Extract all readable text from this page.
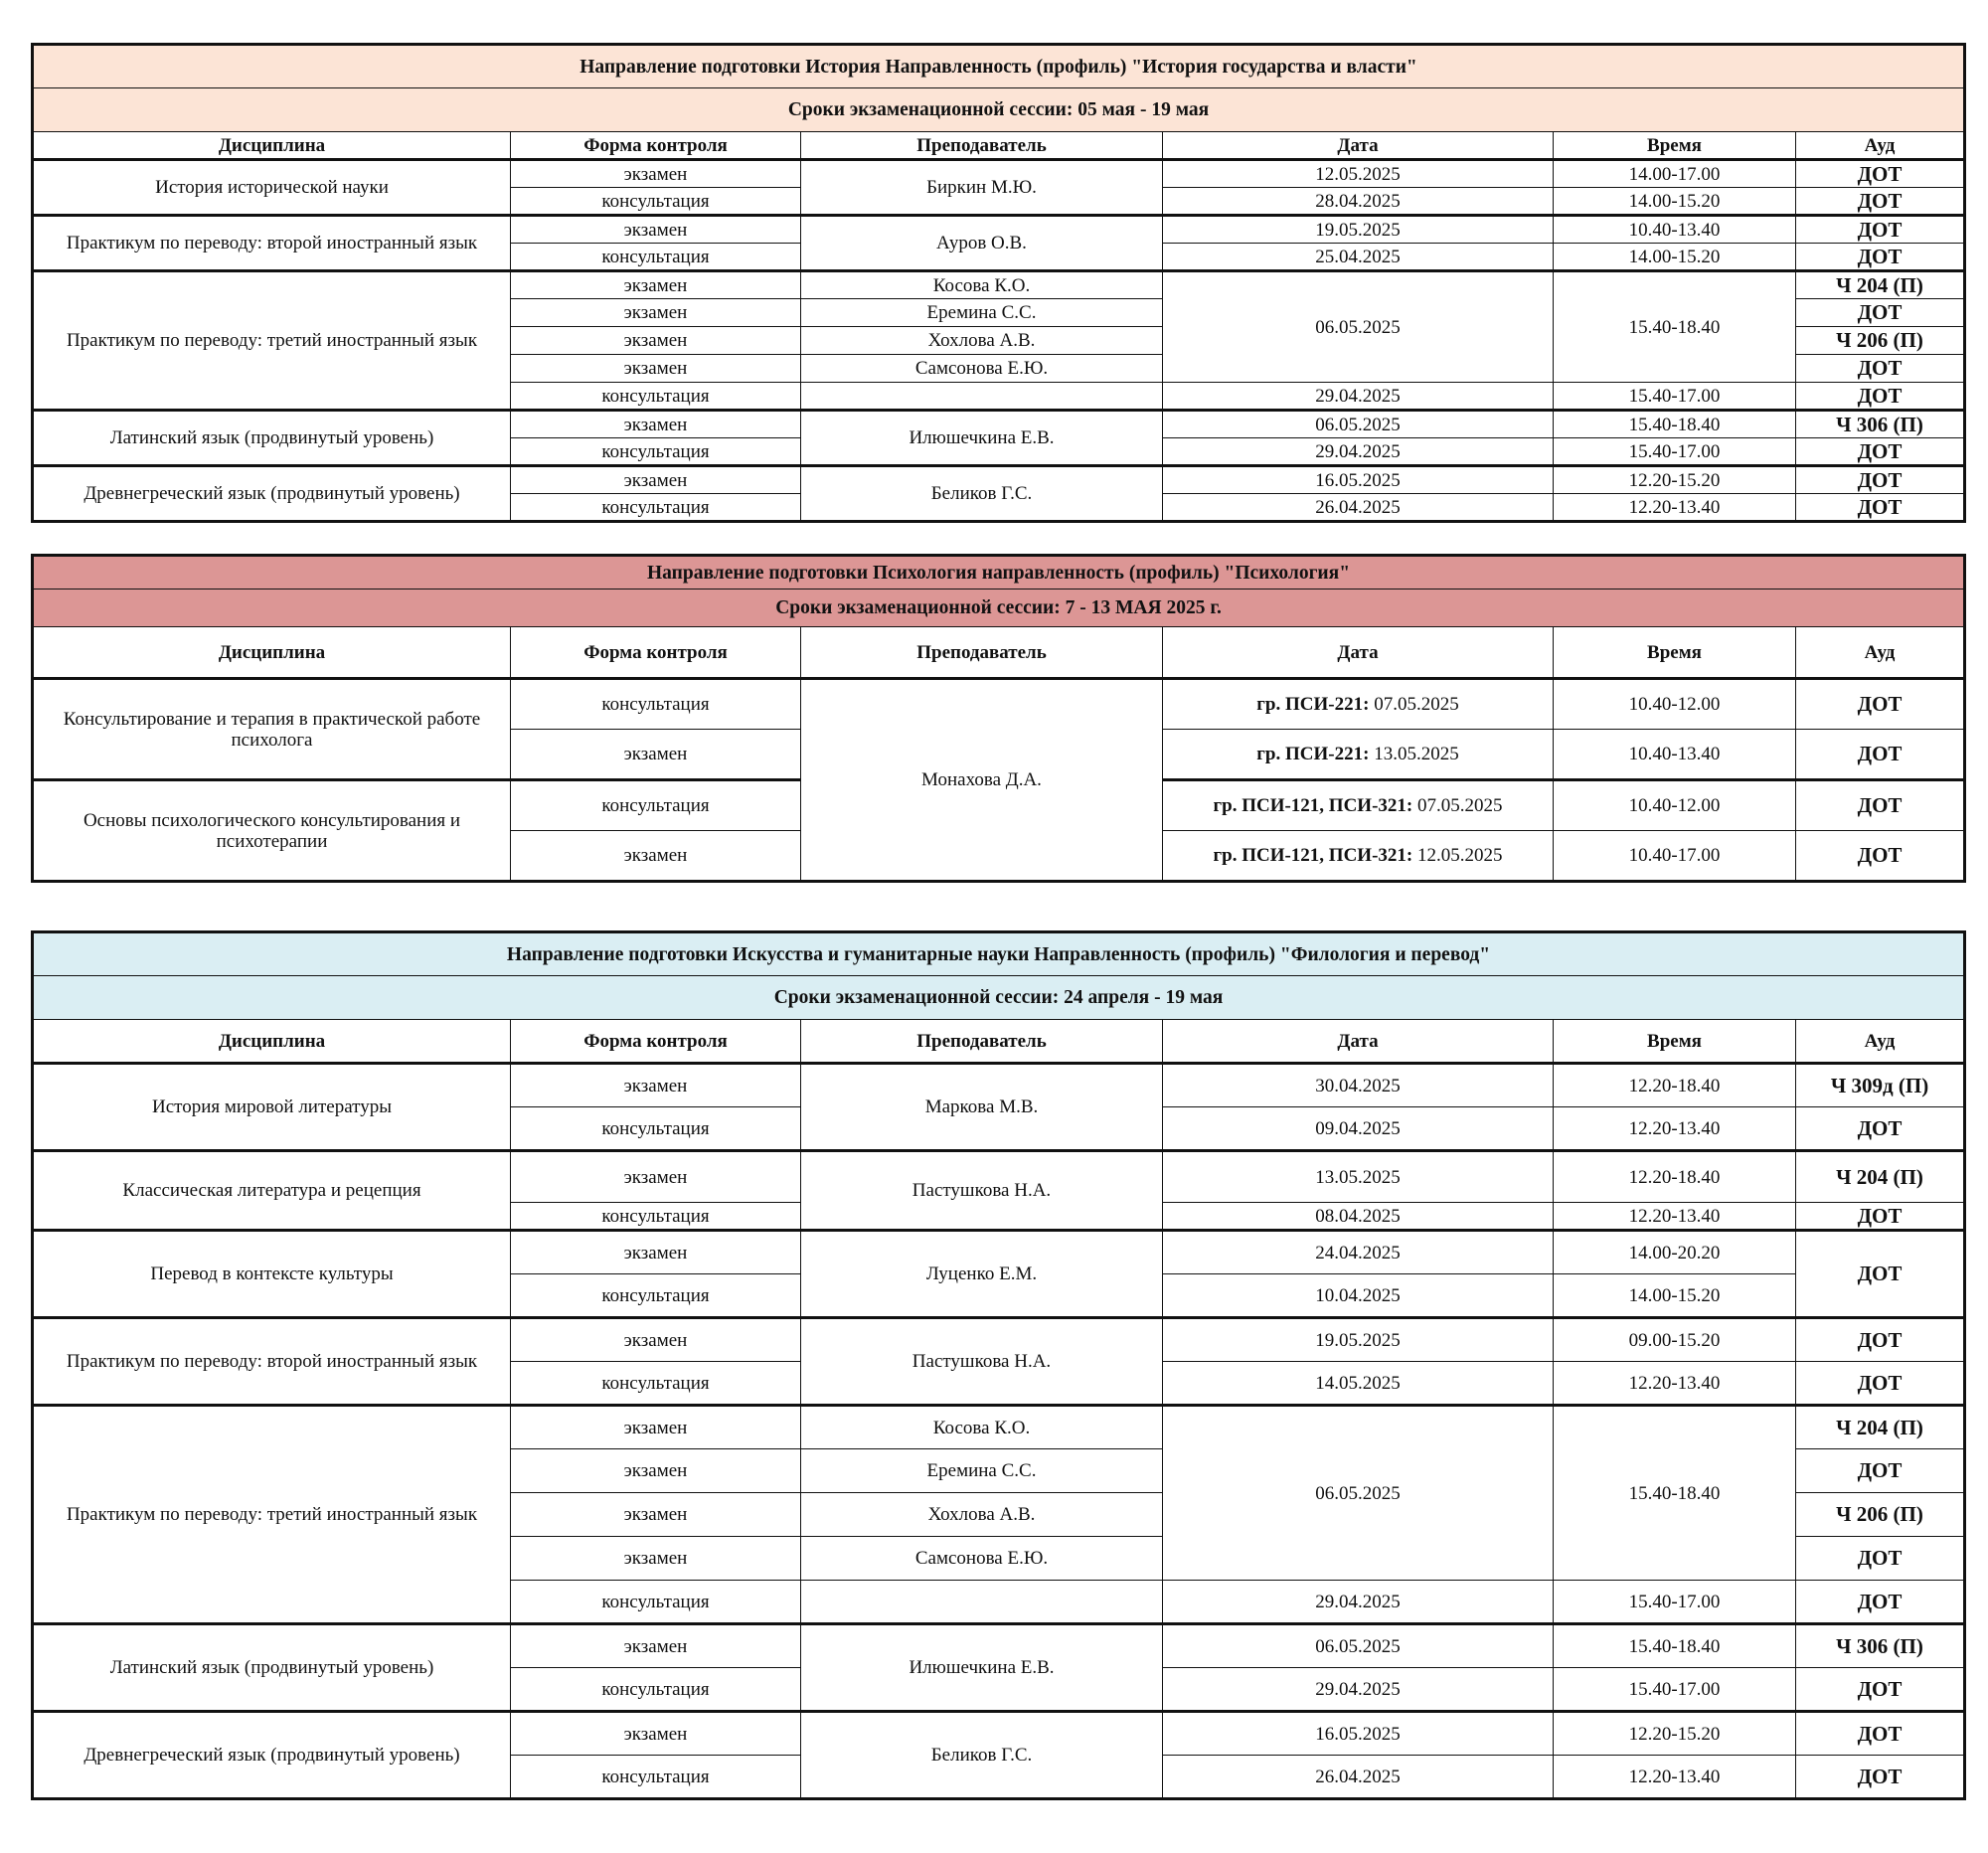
Направление подготовки История Направленность (профиль) "История государства и власти"					
Сроки экзаменационной сессии: 05 мая - 19 мая					
Дисциплина	Форма контроля	Преподаватель	Дата	Время	Ауд
История исторической науки	экзамен	Биркин М.Ю.	12.05.2025	14.00-17.00	ДОТ
	консультация		28.04.2025	14.00-15.20	ДОТ
Практикум по переводу: второй иностранный язык	экзамен	Ауров О.В.	19.05.2025	10.40-13.40	ДОТ
	консультация		25.04.2025	14.00-15.20	ДОТ
Практикум по переводу: третий иностранный язык	экзамен	Косова К.О.	06.05.2025	15.40-18.40	Ч 204 (П)
	экзамен	Еремина С.С.			ДОТ
	экзамен	Хохлова А.В.			Ч 206 (П)
	экзамен	Самсонова Е.Ю.			ДОТ
	консультация		29.04.2025	15.40-17.00	ДОТ
Латинский язык (продвинутый уровень)	экзамен	Илюшечкина Е.В.	06.05.2025	15.40-18.40	Ч 306 (П)
	консультация		29.04.2025	15.40-17.00	ДОТ
Древнегреческий язык (продвинутый уровень)	экзамен	Беликов Г.С.	16.05.2025	12.20-15.20	ДОТ
	консультация		26.04.2025	12.20-13.40	ДОТ
Направление подготовки Психология направленность (профиль) "Психология"					
Сроки экзаменационной сессии: 7 - 13 МАЯ 2025 г.					
Дисциплина	Форма контроля	Преподаватель	Дата	Время	Ауд
Консультирование и терапия в практической работе психолога	консультация	Монахова Д.А.	гр. ПСИ-221: 07.05.2025	10.40-12.00	ДОТ
	экзамен		гр. ПСИ-221: 13.05.2025	10.40-13.40	ДОТ
Основы психологического консультирования и психотерапии	консультация		гр. ПСИ-121, ПСИ-321: 07.05.2025	10.40-12.00	ДОТ
	экзамен		гр. ПСИ-121, ПСИ-321: 12.05.2025	10.40-17.00	ДОТ
Направление подготовки Искусства и гуманитарные науки Направленность (профиль) "Филология и перевод"					
Сроки экзаменационной сессии: 24 апреля - 19 мая					
Дисциплина	Форма контроля	Преподаватель	Дата	Время	Ауд
История мировой литературы	экзамен	Маркова М.В.	30.04.2025	12.20-18.40	Ч 309д (П)
	консультация		09.04.2025	12.20-13.40	ДОТ
Классическая литература и рецепция	экзамен	Пастушкова Н.А.	13.05.2025	12.20-18.40	Ч 204 (П)
	консультация		08.04.2025	12.20-13.40	ДОТ
Перевод в контексте культуры	экзамен	Луценко Е.М.	24.04.2025	14.00-20.20	ДОТ
	консультация		10.04.2025	14.00-15.20	
Практикум по переводу: второй иностранный язык	экзамен	Пастушкова Н.А.	19.05.2025	09.00-15.20	ДОТ
	консультация		14.05.2025	12.20-13.40	ДОТ
Практикум по переводу: третий иностранный язык	экзамен	Косова К.О.	06.05.2025	15.40-18.40	Ч 204 (П)
	экзамен	Еремина С.С.			ДОТ
	экзамен	Хохлова А.В.			Ч 206 (П)
	экзамен	Самсонова Е.Ю.			ДОТ
	консультация		29.04.2025	15.40-17.00	ДОТ
Латинский язык (продвинутый уровень)	экзамен	Илюшечкина Е.В.	06.05.2025	15.40-18.40	Ч 306 (П)
	консультация		29.04.2025	15.40-17.00	ДОТ
Древнегреческий язык (продвинутый уровень)	экзамен	Беликов Г.С.	16.05.2025	12.20-15.20	ДОТ
	консультация		26.04.2025	12.20-13.40	ДОТ
